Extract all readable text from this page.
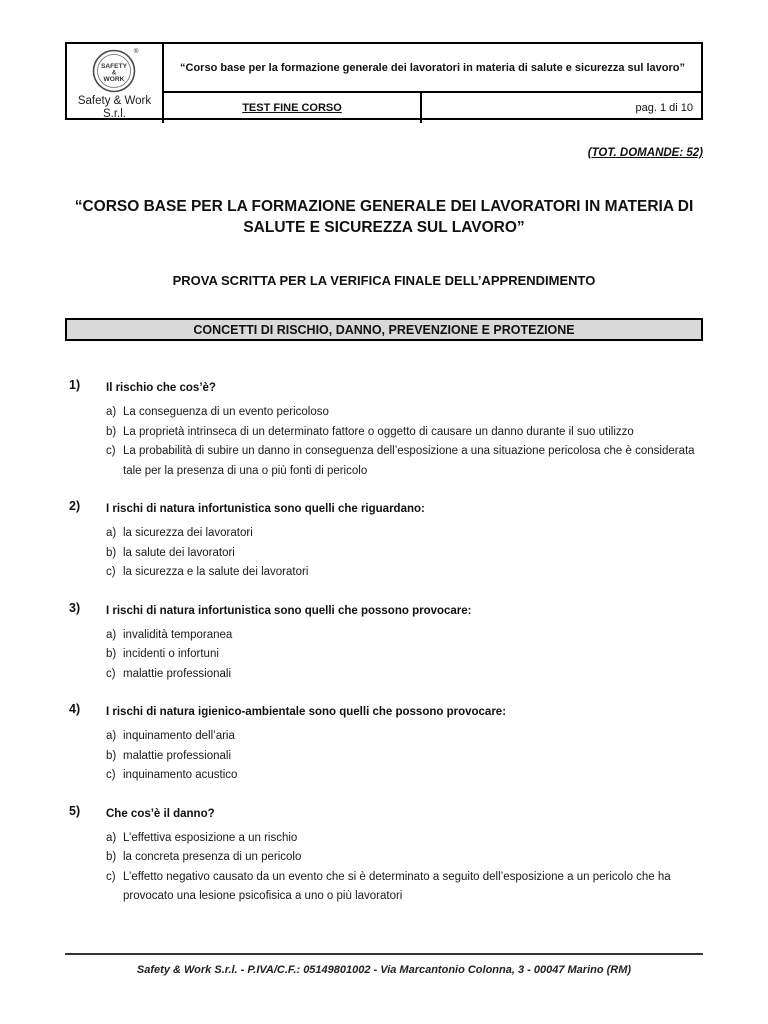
SAFETY
&
WORK
®
Safety & Work
S.r.l.
“Corso base per la formazione generale dei lavoratori in materia di salute e sicurezza sul lavoro”
TEST FINE CORSO	pag. 1 di 10
(TOT. DOMANDE: 52)
“CORSO BASE PER LA FORMAZIONE GENERALE DEI LAVORATORI IN MATERIA DI SALUTE E SICUREZZA SUL LAVORO”
PROVA SCRITTA PER LA VERIFICA FINALE DELL’APPRENDIMENTO
CONCETTI DI RISCHIO, DANNO, PREVENZIONE E PROTEZIONE
1)	Il rischio che cos’è?
a) La conseguenza di un evento pericoloso
b) La proprietà intrinseca di un determinato fattore o oggetto di causare un danno durante il suo utilizzo
c) La probabilità di subire un danno in conseguenza dell’esposizione a una situazione pericolosa che è considerata tale per la presenza di una o più fonti di pericolo
2)	I rischi di natura infortunistica sono quelli che riguardano:
a) la sicurezza dei lavoratori
b) la salute dei lavoratori
c) la sicurezza e la salute dei lavoratori
3)	I rischi di natura infortunistica sono quelli che possono provocare:
a) invalidità temporanea
b) incidenti o infortuni
c) malattie professionali
4)	I rischi di natura igienico-ambientale sono quelli che possono provocare:
a) inquinamento dell’aria
b) malattie professionali
c) inquinamento acustico
5)	Che cos’è il danno?
a) L’effettiva esposizione a un rischio
b) la concreta presenza di un pericolo
c) L’effetto negativo causato da un evento che si è determinato a seguito dell’esposizione a un pericolo che ha provocato una lesione psicofisica a uno o più lavoratori
Safety & Work S.r.l. - P.IVA/C.F.: 05149801002 - Via Marcantonio Colonna, 3 - 00047 Marino (RM)
